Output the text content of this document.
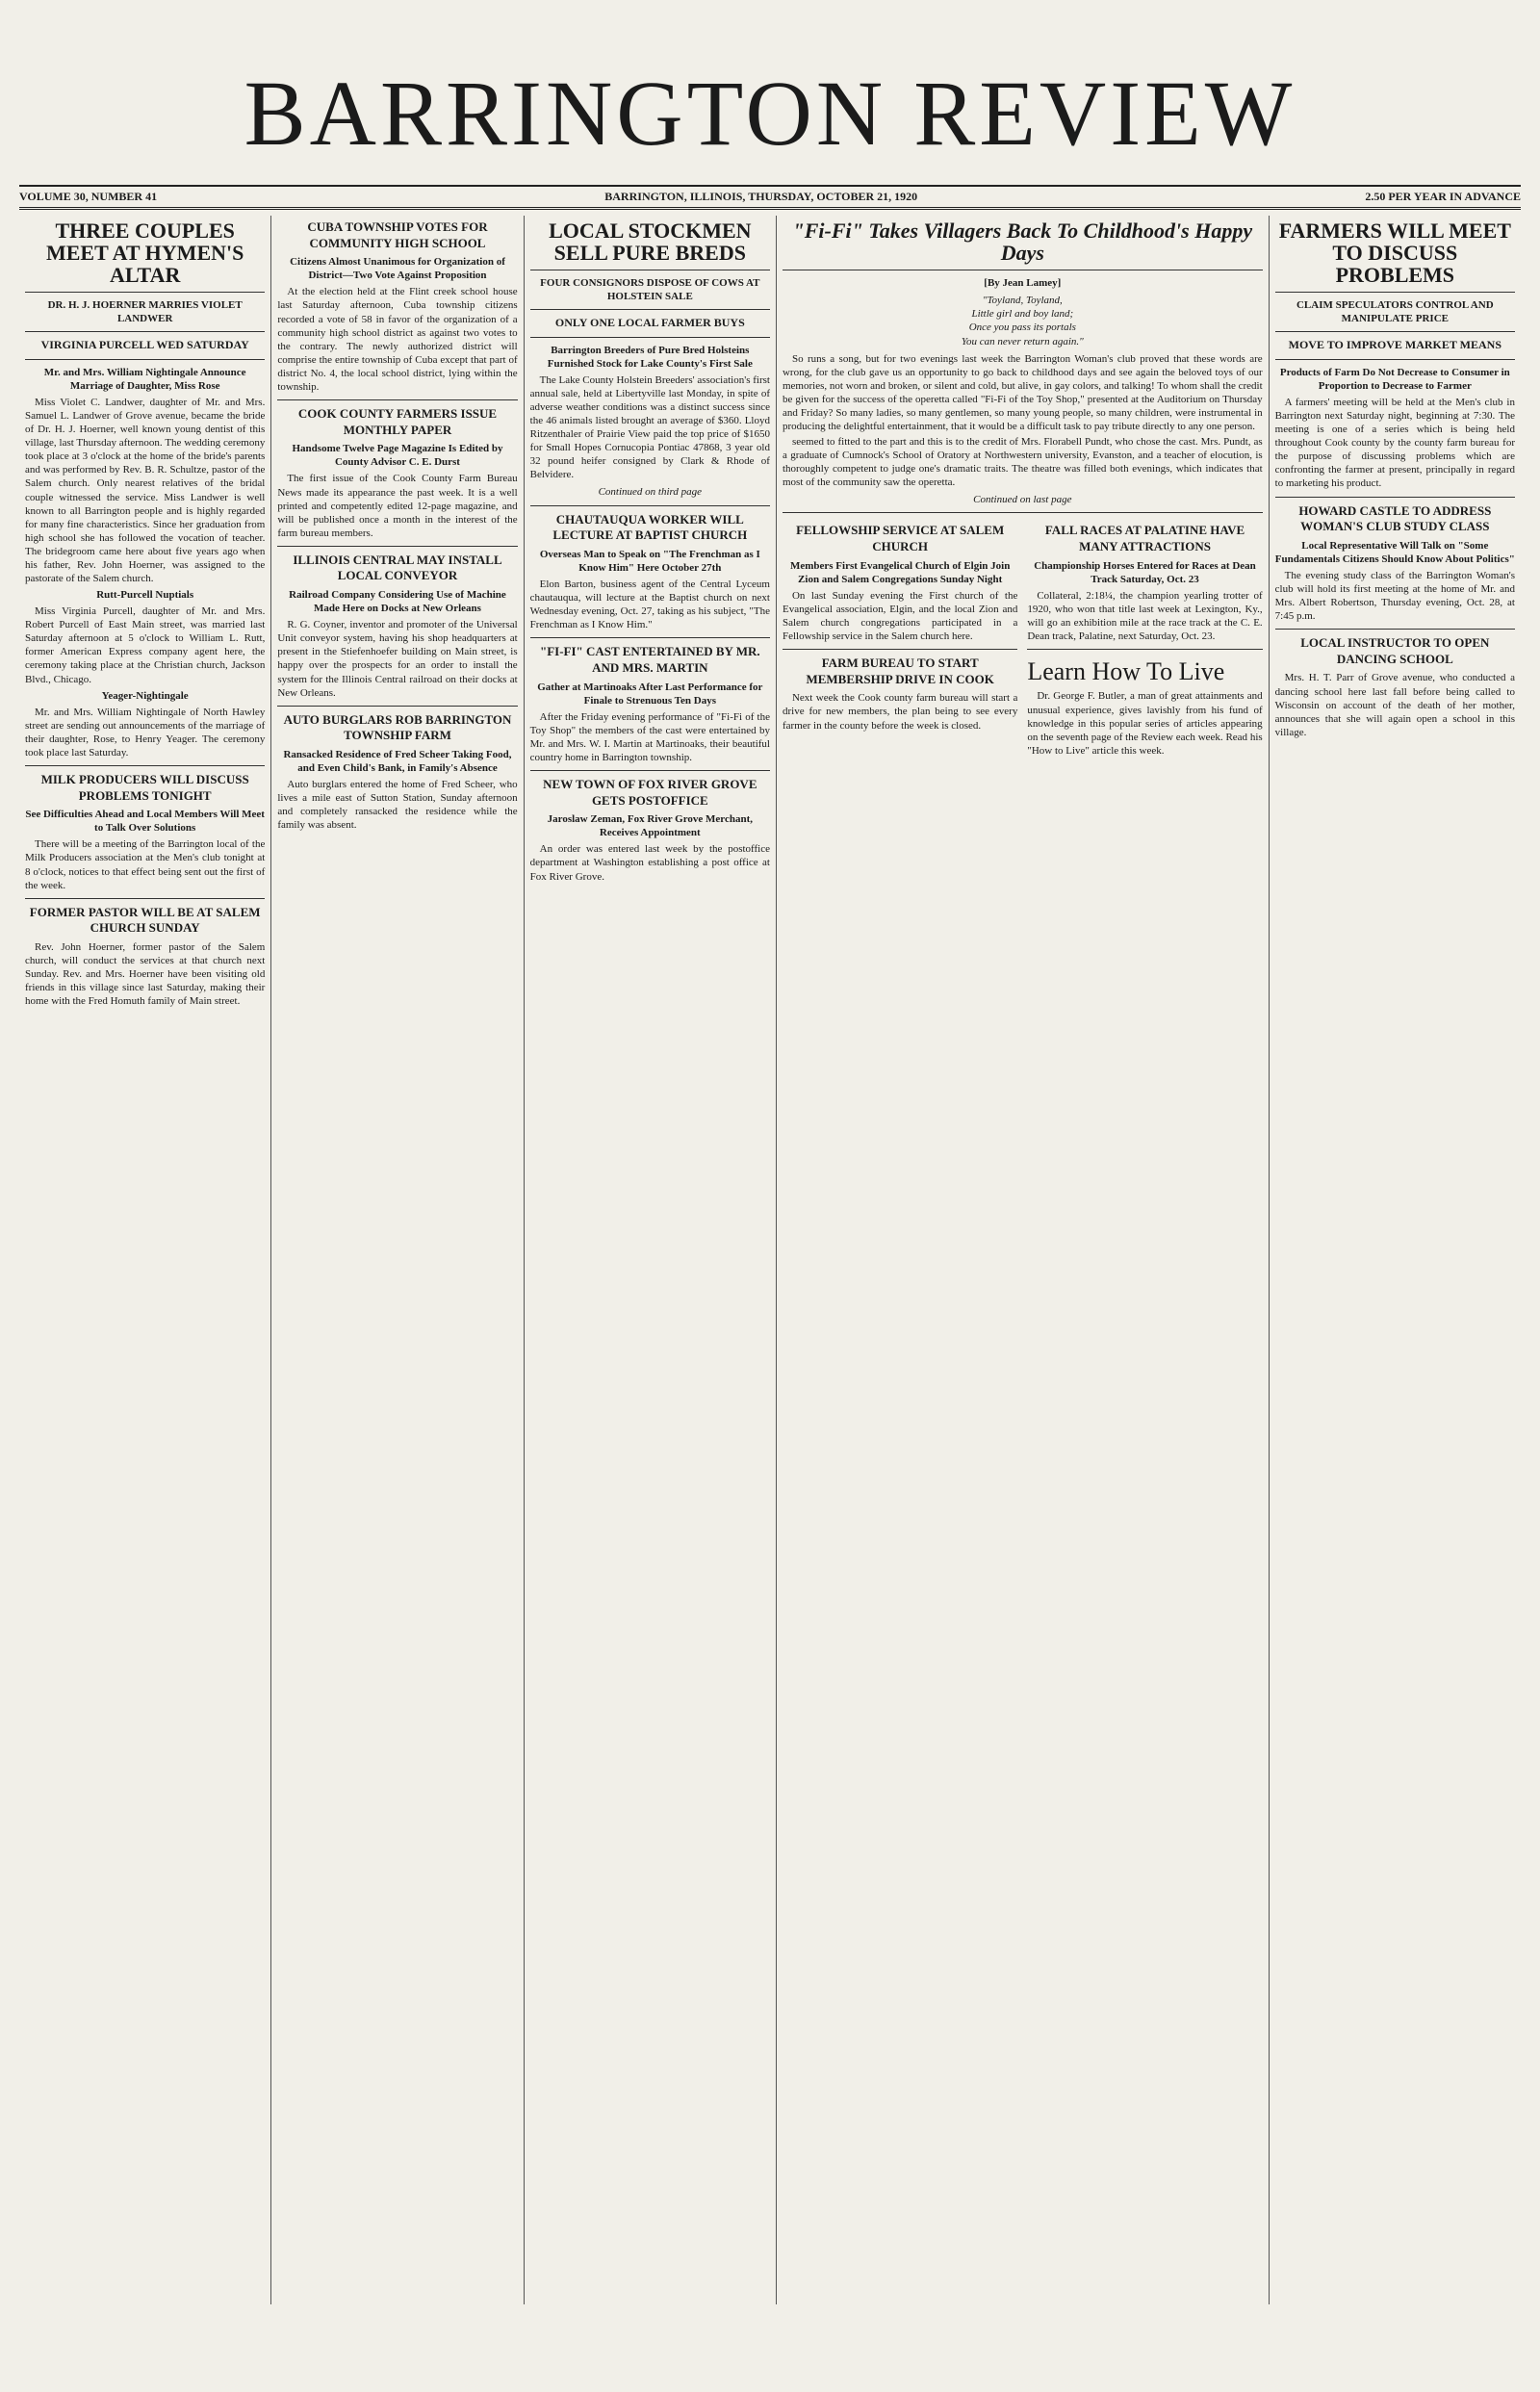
BARRINGTON REVIEW
VOLUME 30, NUMBER 41	BARRINGTON, ILLINOIS, THURSDAY, OCTOBER 21, 1920	2.50 PER YEAR IN ADVANCE
THREE COUPLES MEET AT HYMEN'S ALTAR
DR. H. J. HOERNER MARRIES VIOLET LANDWER
VIRGINIA PURCELL WED SATURDAY
Mr. and Mrs. William Nightingale Announce Marriage of Daughter, Miss Rose

Miss Violet C. Landwer, daughter of Mr. and Mrs. Samuel L. Landwer of Grove avenue, became the bride of Dr. H. J. Hoerner, well known young dentist of this village, last Thursday afternoon. The wedding ceremony took place at 3 o'clock at the home of the bride's parents and was performed by Rev. B. R. Schultze, pastor of the Salem church. Only nearest relatives of the bridal couple witnessed the service. Miss Landwer is well known to all Barrington people and is highly regarded for many fine characteristics. Since her graduation from high school she has followed the vocation of teacher. The bridegroom came here about five years ago when his father, Rev. John Hoerner, was assigned to the pastorate of the Salem church.

Rutt-Purcell Nuptials

Miss Virginia Purcell, daughter of Mr. and Mrs. Robert Purcell of East Main street, was married last Saturday afternoon at 5 o'clock to William L. Rutt, former American Express company agent here, the ceremony taking place at the Christian church, Jackson Blvd., Chicago.

Yeager-Nightingale

Mr. and Mrs. William Nightingale of North Hawley street are sending out announcements of the marriage of their daughter, Rose, to Henry Yeager. The ceremony took place last Saturday.

MILK PRODUCERS WILL DISCUSS PROBLEMS TONIGHT
See Difficulties Ahead and Local Members Will Meet to Talk Over Solutions

There will be a meeting of the Barrington local of the Milk Producers association at the Men's club tonight at 8 o'clock, notices to that effect being sent out the first of the week.

FORMER PASTOR WILL BE AT SALEM CHURCH SUNDAY

Rev. John Hoerner, former pastor of the Salem church, will conduct the services at that church next Sunday. Rev. and Mrs. Hoerner have been visiting old friends in this village since last Saturday, making their home with the Fred Homuth family of Main street.

CUBA TOWNSHIP VOTES FOR COMMUNITY HIGH SCHOOL
Citizens Almost Unanimous for Organization of District—Two Vote Against Proposition

At the election held at the Flint creek school house last Saturday afternoon, Cuba township citizens recorded a vote of 58 in favor of the organization of a community high school district as against two votes to the contrary. The newly authorized district will comprise the entire township of Cuba except that part of district No. 4, the local school district, lying within the township.

COOK COUNTY FARMERS ISSUE MONTHLY PAPER
Handsome Twelve Page Magazine Is Edited by County Advisor C. E. Durst

The first issue of the Cook County Farm Bureau News made its appearance the past week. It is a well printed and competently edited 12-page magazine, and will be published once a month in the interest of the farm bureau members.

ILLINOIS CENTRAL MAY INSTALL LOCAL CONVEYOR
Railroad Company Considering Use of Machine Made Here on Docks at New Orleans

R. G. Coyner, inventor and promoter of the Universal Unit conveyor system, having his shop headquarters at present in the Stiefenhoefer building on Main street, is happy over the prospects for an order to install the system for the Illinois Central railroad on their docks at New Orleans.

AUTO BURGLARS ROB BARRINGTON TOWNSHIP FARM
Ransacked Residence of Fred Scheer Taking Food, and Even Child's Bank, in Family's Absence

Auto burglars entered the home of Fred Scheer, who lives a mile east of Sutton Station, Sunday afternoon and completely ransacked the residence while the family was absent.

LOCAL STOCKMEN SELL PURE BREDS
FOUR CONSIGNORS DISPOSE OF COWS AT HOLSTEIN SALE
ONLY ONE LOCAL FARMER BUYS
Barrington Breeders of Pure Bred Holsteins Furnished Stock for Lake County's First Sale

The Lake County Holstein Breeders' association's first annual sale, held at Libertyville last Monday, in spite of adverse weather conditions was a distinct success since the 46 animals listed brought an average of $360. Lloyd Ritzenthaler of Prairie View paid the top price of $1650 for Small Hopes Cornucopia Pontiac 47868, 3 year old 32 pound heifer consigned by Clark & Rhode of Belvidere.

Continued on third page
CHAUTAUQUA WORKER WILL LECTURE AT BAPTIST CHURCH
Overseas Man to Speak on "The Frenchman as I Know Him" Here October 27th

Elon Barton, business agent of the Central Lyceum chautauqua, will lecture at the Baptist church on next Wednesday evening, Oct. 27, taking as his subject, "The Frenchman as I Know Him."

"FI-FI" CAST ENTERTAINED BY MR. AND MRS. MARTIN
Gather at Martinoaks After Last Performance for Finale to Strenuous Ten Days

After the Friday evening performance of "Fi-Fi of the Toy Shop" the members of the cast were entertained by Mr. and Mrs. W. I. Martin at Martinoaks, their beautiful country home in Barrington township.

NEW TOWN OF FOX RIVER GROVE GETS POSTOFFICE
Jaroslaw Zeman, Fox River Grove Merchant, Receives Appointment

An order was entered last week by the postoffice department at Washington establishing a post office at Fox River Grove.

"Fi-Fi" Takes Villagers Back To Childhood's Happy Days
[By Jean Lamey]
"Toyland, Toyland,
Little girl and boy land;
Once you pass its portals
You can never return again."

So runs a song, but for two evenings last week the Barrington Woman's club proved that these words are wrong, for the club gave us an opportunity to go back to childhood days and see again the beloved toys of our memories, not worn and broken, or silent and cold, but alive, in gay colors, and talking! To whom shall the credit be given for the success of the operetta called "Fi-Fi of the Toy Shop," presented at the Auditorium on Thursday and Friday? So many ladies, so many gentlemen, so many young people, so many children, were instrumental in producing the delightful entertainment, that it would be a difficult task to pay tribute directly to any one person.

seemed to fitted to the part and this is to the credit of Mrs. Florabell Pundt, who chose the cast. Mrs. Pundt, as a graduate of Cumnock's School of Oratory at Northwestern university, Evanston, and a teacher of elocution, is thoroughly competent to judge one's dramatic traits. The theatre was filled both evenings, which indicates that most of the community saw the operetta.

Continued on last page
FELLOWSHIP SERVICE AT SALEM CHURCH
Members First Evangelical Church of Elgin Join Zion and Salem Congregations Sunday Night

On last Sunday evening the First church of the Evangelical association, Elgin, and the local Zion and Salem church congregations participated in a Fellowship service in the Salem church here.

FARM BUREAU TO START MEMBERSHIP DRIVE IN COOK

Next week the Cook county farm bureau will start a drive for new members, the plan being to see every farmer in the county before the week is closed.

FALL RACES AT PALATINE HAVE MANY ATTRACTIONS
Championship Horses Entered for Races at Dean Track Saturday, Oct. 23

Collateral, 2:18¼, the champion yearling trotter of 1920, who won that title last week at Lexington, Ky., will go an exhibition mile at the race track at the C. E. Dean track, Palatine, next Saturday, Oct. 23.

Learn How To Live

Dr. George F. Butler, a man of great attainments and unusual experience, gives lavishly from his fund of knowledge in this popular series of articles appearing on the seventh page of the Review each week. Read his "How to Live" article this week.

FARMERS WILL MEET TO DISCUSS PROBLEMS
CLAIM SPECULATORS CONTROL AND MANIPULATE PRICE
MOVE TO IMPROVE MARKET MEANS
Products of Farm Do Not Decrease to Consumer in Proportion to Decrease to Farmer

A farmers' meeting will be held at the Men's club in Barrington next Saturday night, beginning at 7:30. The meeting is one of a series which is being held throughout Cook county by the county farm bureau for the purpose of discussing problems which are confronting the farmer at present, principally in regard to marketing his product.

HOWARD CASTLE TO ADDRESS WOMAN'S CLUB STUDY CLASS
Local Representative Will Talk on "Some Fundamentals Citizens Should Know About Politics"

The evening study class of the Barrington Woman's club will hold its first meeting at the home of Mr. and Mrs. Albert Robertson, Thursday evening, Oct. 28, at 7:45 p.m.

LOCAL INSTRUCTOR TO OPEN DANCING SCHOOL

Mrs. H. T. Parr of Grove avenue, who conducted a dancing school here last fall before being called to Wisconsin on account of the death of her mother, announces that she will again open a school in this village.
